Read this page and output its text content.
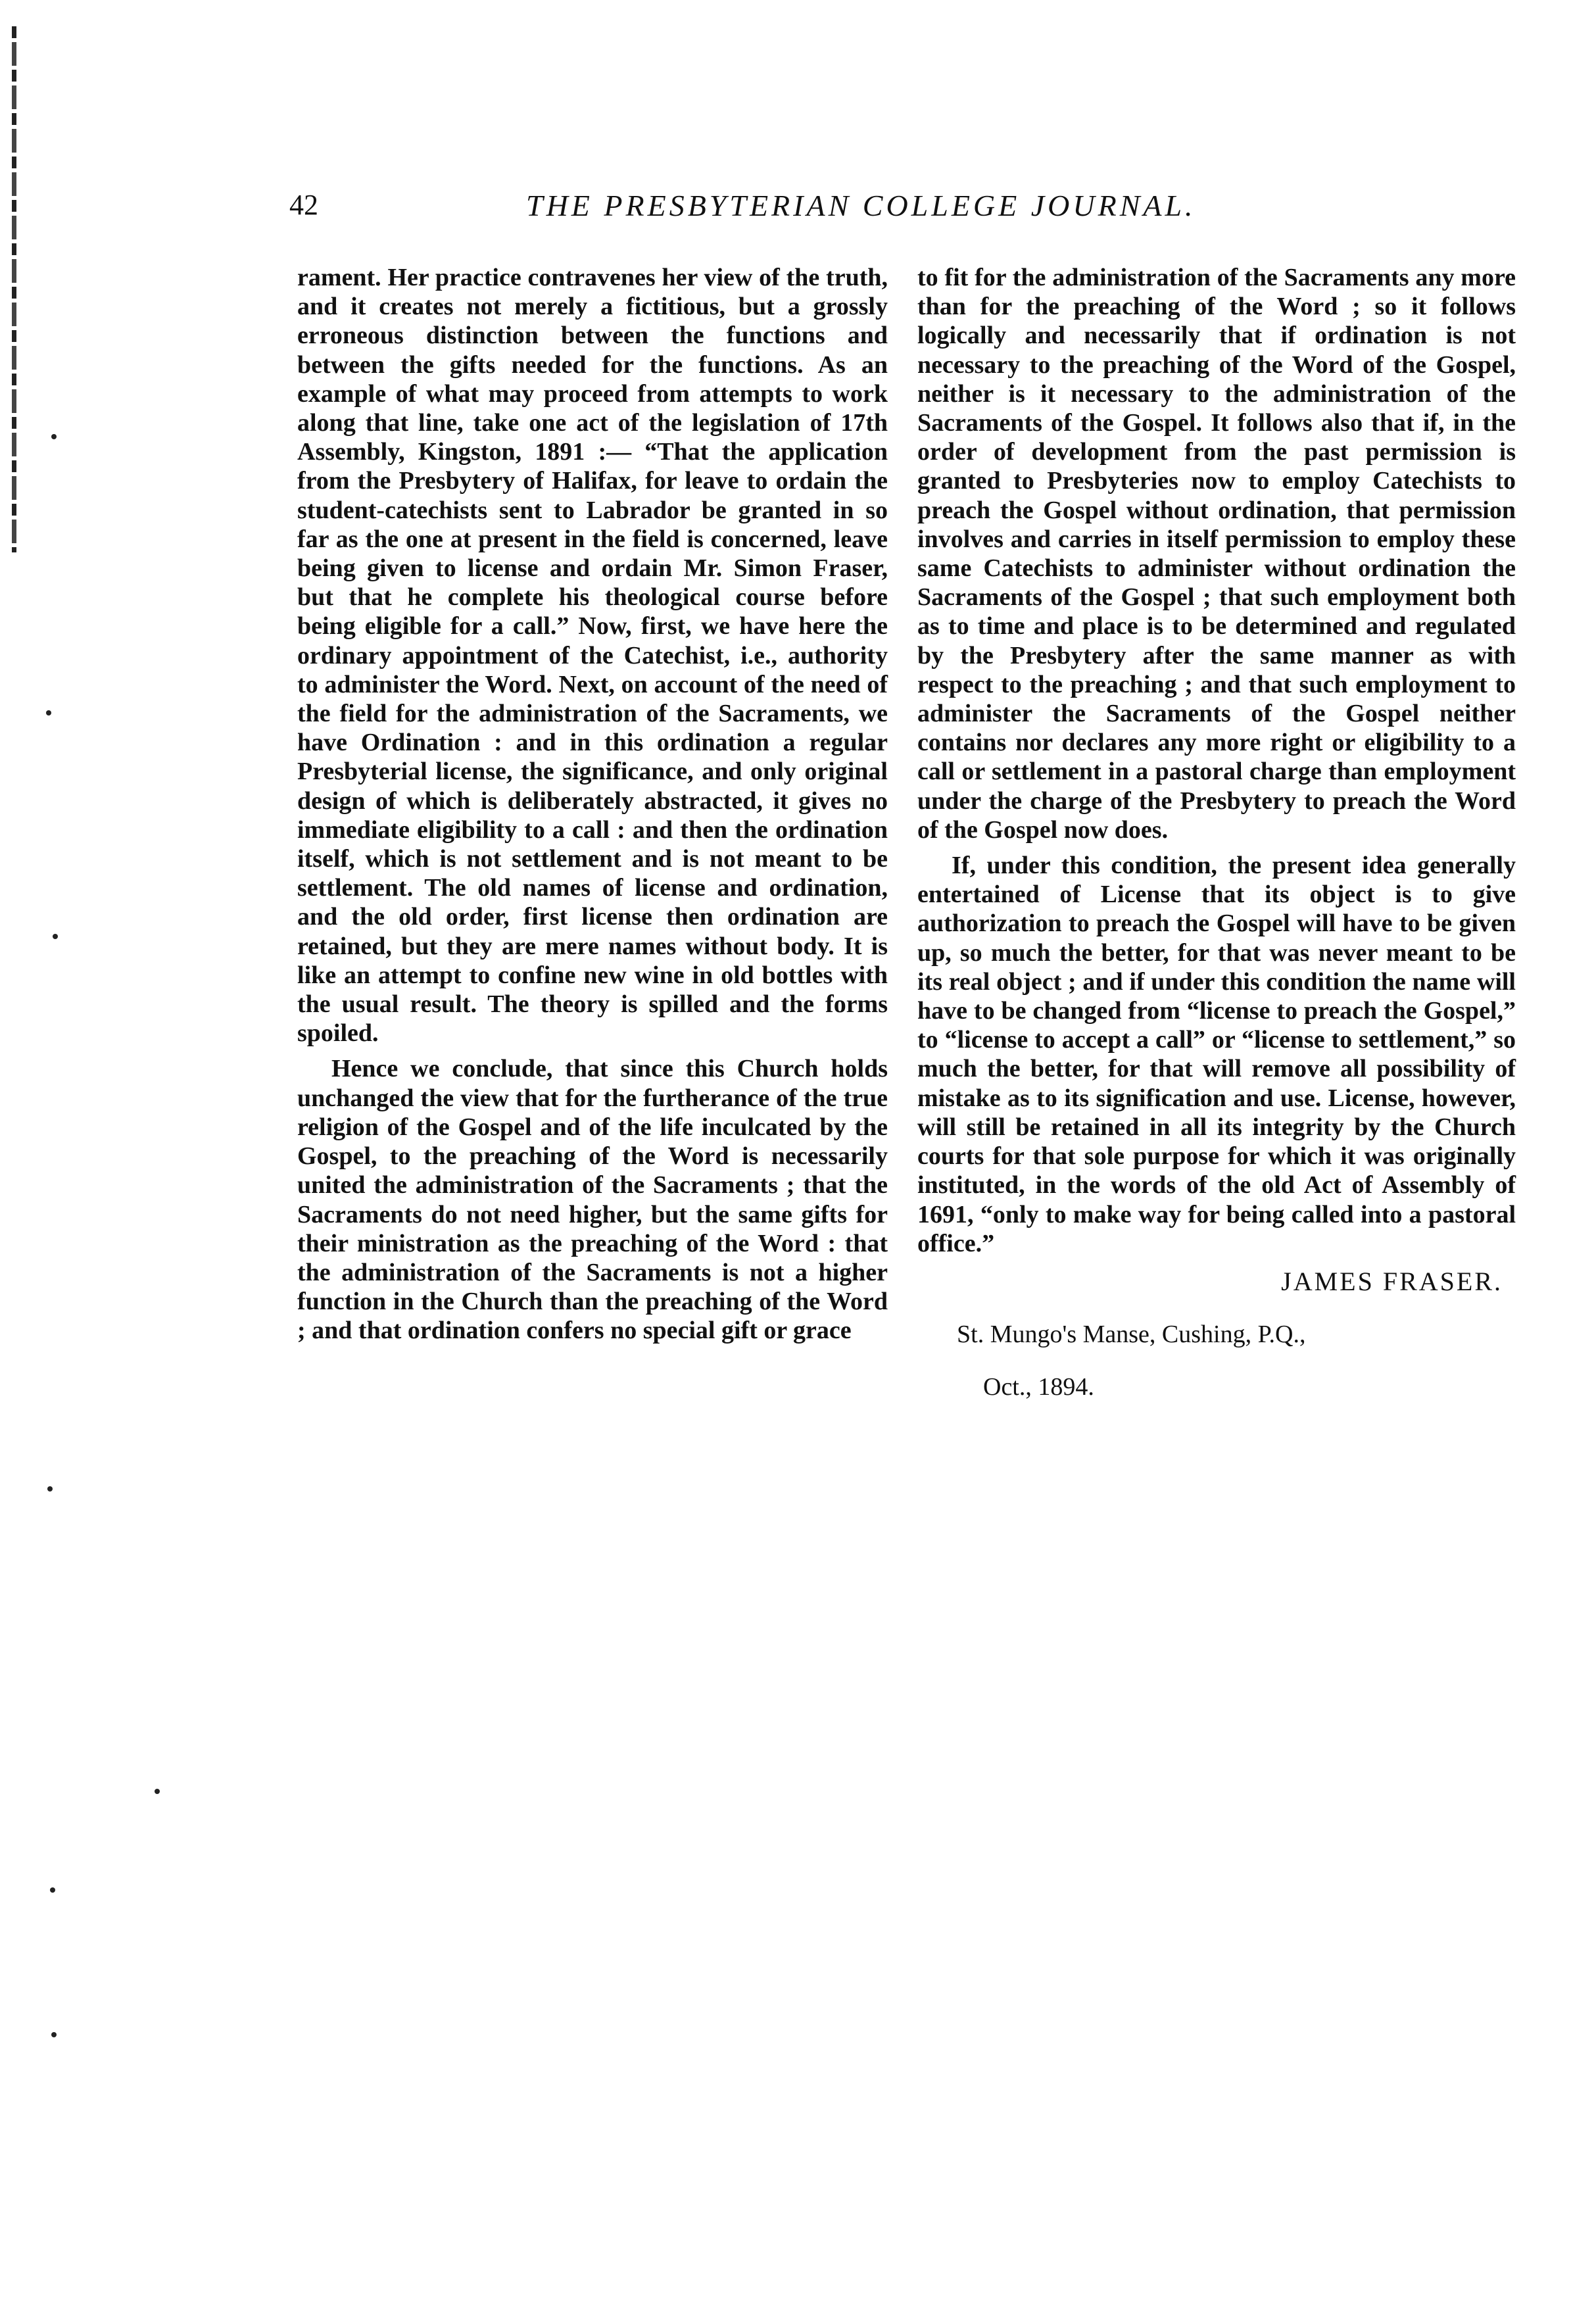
42	THE PRESBYTERIAN COLLEGE JOURNAL.

rament. Her practice contravenes her view of the truth, and it creates not merely a fictitious, but a grossly erroneous distinction between the functions and between the gifts needed for the functions. As an example of what may proceed from attempts to work along that line, take one act of the legislation of 17th Assembly, Kingston, 1891 :— “That the application from the Presbytery of Halifax, for leave to ordain the student-catechists sent to Labrador be granted in so far as the one at present in the field is concerned, leave being given to license and ordain Mr. Simon Fraser, but that he complete his theological course before being eligible for a call.” Now, first, we have here the ordinary appointment of the Catechist, i.e., authority to administer the Word. Next, on account of the need of the field for the administration of the Sacraments, we have Ordination : and in this ordination a regular Presbyterial license, the significance, and only original design of which is deliberately abstracted, it gives no immediate eligibility to a call : and then the ordination itself, which is not settlement and is not meant to be settlement. The old names of license and ordination, and the old order, first license then ordination are retained, but they are mere names without body. It is like an attempt to confine new wine in old bottles with the usual result. The theory is spilled and the forms spoiled.

Hence we conclude, that since this Church holds unchanged the view that for the furtherance of the true religion of the Gospel and of the life inculcated by the Gospel, to the preaching of the Word is necessarily united the administration of the Sacraments ; that the Sacraments do not need higher, but the same gifts for their ministration as the preaching of the Word : that the administration of the Sacraments is not a higher function in the Church than the preaching of the Word ; and that ordination confers no special gift or grace

to fit for the administration of the Sacraments any more than for the preaching of the Word ; so it follows logically and necessarily that if ordination is not necessary to the preaching of the Word of the Gospel, neither is it necessary to the administration of the Sacraments of the Gospel. It follows also that if, in the order of development from the past permission is granted to Presbyteries now to employ Catechists to preach the Gospel without ordination, that permission involves and carries in itself permission to employ these same Catechists to administer without ordination the Sacraments of the Gospel ; that such employment both as to time and place is to be determined and regulated by the Presbytery after the same manner as with respect to the preaching ; and that such employment to administer the Sacraments of the Gospel neither contains nor declares any more right or eligibility to a call or settlement in a pastoral charge than employment under the charge of the Presbytery to preach the Word of the Gospel now does.

If, under this condition, the present idea generally entertained of License that its object is to give authorization to preach the Gospel will have to be given up, so much the better, for that was never meant to be its real object ; and if under this condition the name will have to be changed from “license to preach the Gospel,” to “license to accept a call” or “license to settlement,” so much the better, for that will remove all possibility of mistake as to its signification and use. License, however, will still be retained in all its integrity by the Church courts for that sole purpose for which it was originally instituted, in the words of the old Act of Assembly of 1691, “only to make way for being called into a pastoral office.”

JAMES FRASER.

St. Mungo's Manse, Cushing, P.Q.,

Oct., 1894.
